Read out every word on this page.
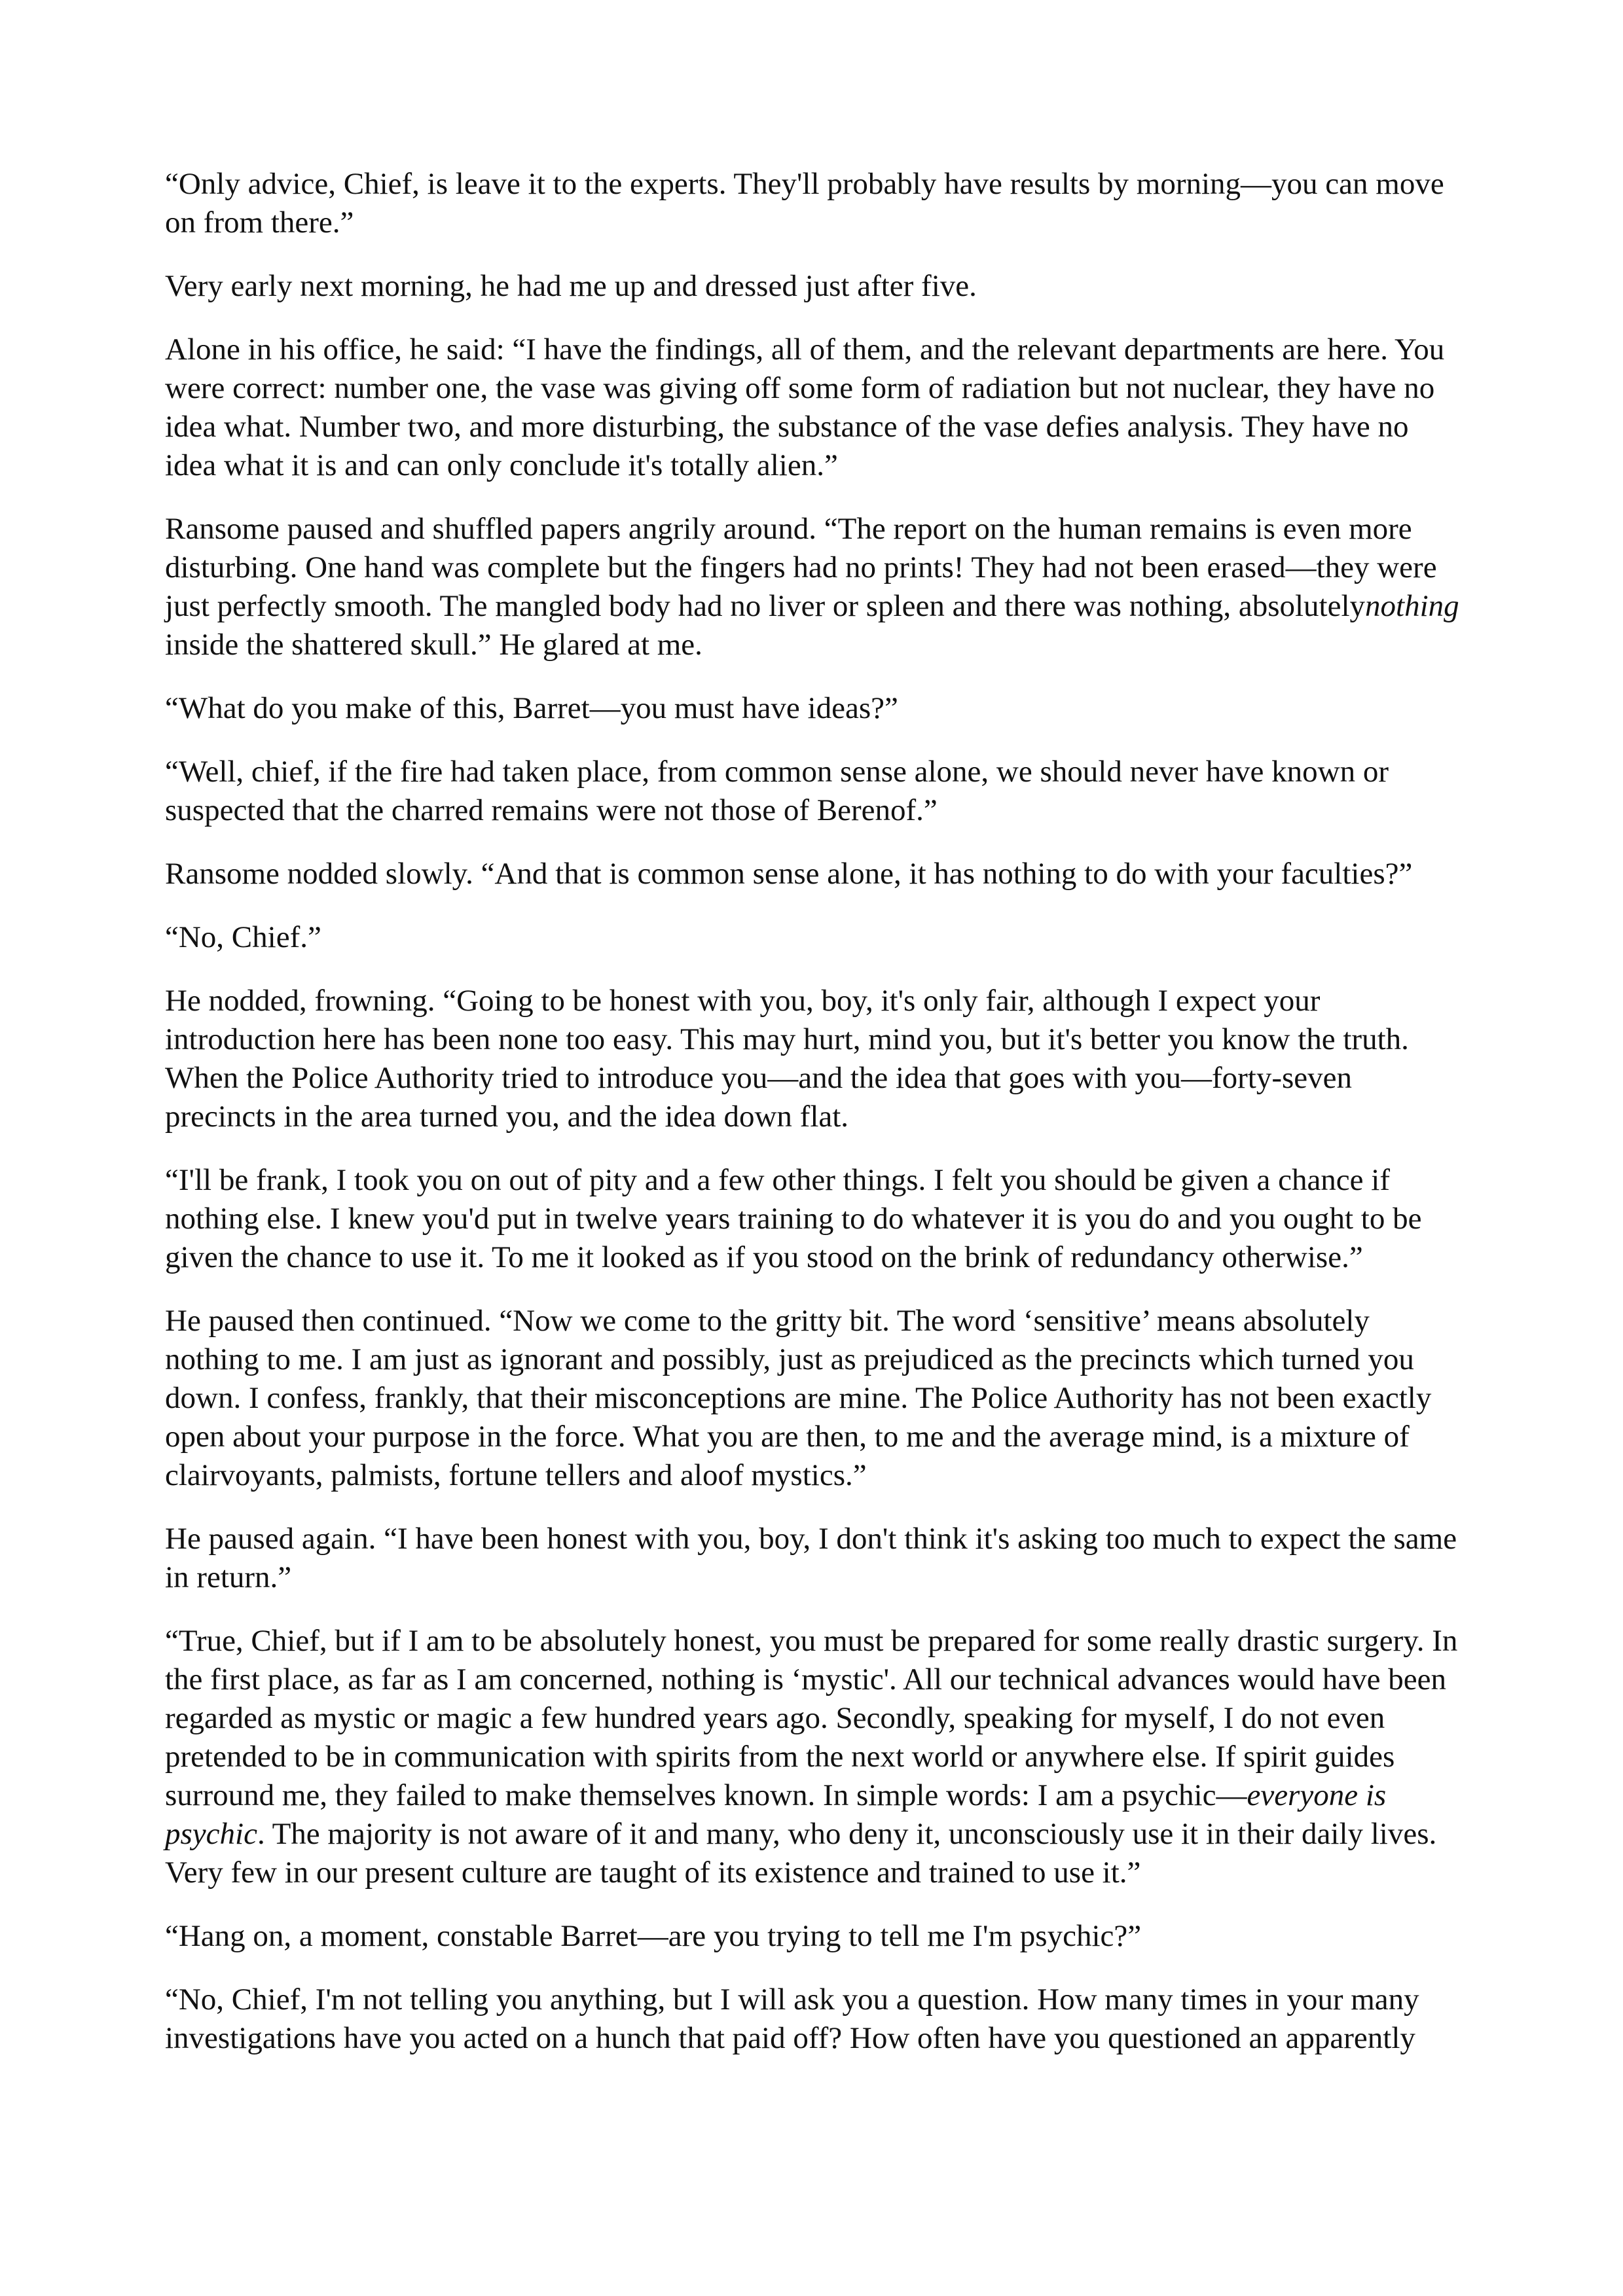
“Only advice, Chief, is leave it to the experts. They'll probably have results by morning—you can move on from there.”

Very early next morning, he had me up and dressed just after five.

Alone in his office, he said: “I have the findings, all of them, and the relevant departments are here. You were correct: number one, the vase was giving off some form of radiation but not nuclear, they have no idea what. Number two, and more disturbing, the substance of the vase defies analysis. They have no idea what it is and can only conclude it's totally alien.”

Ransome paused and shuffled papers angrily around. “The report on the human remains is even more disturbing. One hand was complete but the fingers had no prints! They had not been erased—they were just perfectly smooth. The mangled body had no liver or spleen and there was nothing, absolutelynothing inside the shattered skull.” He glared at me.

“What do you make of this, Barret—you must have ideas?”

“Well, chief, if the fire had taken place, from common sense alone, we should never have known or suspected that the charred remains were not those of Berenof.”

Ransome nodded slowly. “And that is common sense alone, it has nothing to do with your faculties?”

“No, Chief.”

He nodded, frowning. “Going to be honest with you, boy, it's only fair, although I expect your introduction here has been none too easy. This may hurt, mind you, but it's better you know the truth. When the Police Authority tried to introduce you—and the idea that goes with you—forty-seven precincts in the area turned you, and the idea down flat.

“I'll be frank, I took you on out of pity and a few other things. I felt you should be given a chance if nothing else. I knew you'd put in twelve years training to do whatever it is you do and you ought to be given the chance to use it. To me it looked as if you stood on the brink of redundancy otherwise.”

He paused then continued. “Now we come to the gritty bit. The word ‘sensitive’ means absolutely nothing to me. I am just as ignorant and possibly, just as prejudiced as the precincts which turned you down. I confess, frankly, that their misconceptions are mine. The Police Authority has not been exactly open about your purpose in the force. What you are then, to me and the average mind, is a mixture of clairvoyants, palmists, fortune tellers and aloof mystics.”

He paused again. “I have been honest with you, boy, I don't think it's asking too much to expect the same in return.”

“True, Chief, but if I am to be absolutely honest, you must be prepared for some really drastic surgery. In the first place, as far as I am concerned, nothing is ‘mystic'. All our technical advances would have been regarded as mystic or magic a few hundred years ago. Secondly, speaking for myself, I do not even pretended to be in communication with spirits from the next world or anywhere else. If spirit guides surround me, they failed to make themselves known. In simple words: I am a psychic—everyone is psychic. The majority is not aware of it and many, who deny it, unconsciously use it in their daily lives. Very few in our present culture are taught of its existence and trained to use it.”

“Hang on, a moment, constable Barret—are you trying to tell me I'm psychic?”

“No, Chief, I'm not telling you anything, but I will ask you a question. How many times in your many investigations have you acted on a hunch that paid off? How often have you questioned an apparently
